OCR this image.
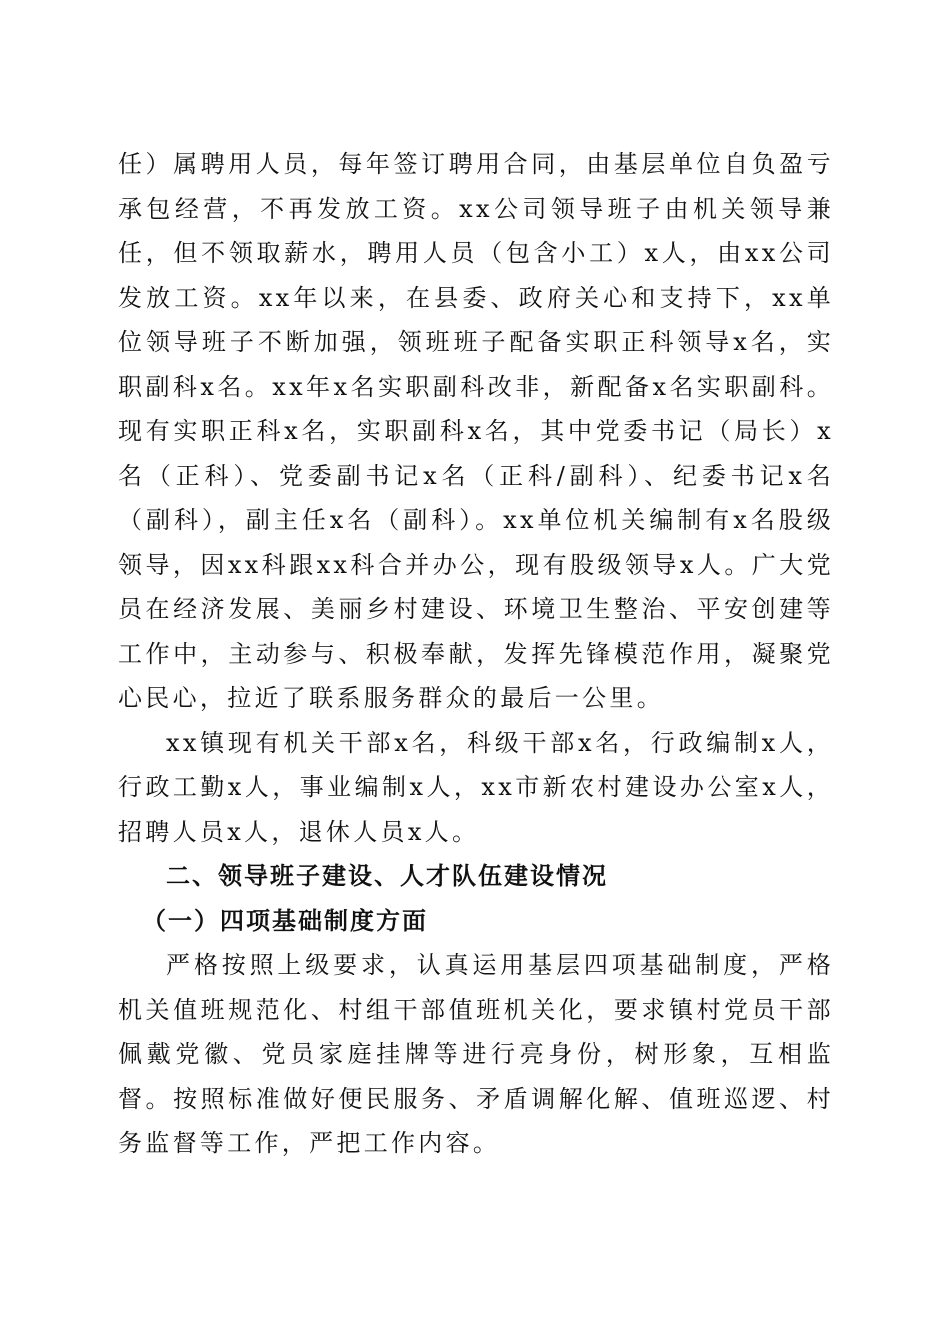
任）属聘用人员，每年签订聘用合同，由基层单位自负盈亏承包经营，不再发放工资。xx公司领导班子由机关领导兼任，但不领取薪水，聘用人员（包含小工）x人，由xx公司发放工资。xx年以来，在县委、政府关心和支持下，xx单位领导班子不断加强，领班班子配备实职正科领导x名，实职副科x名。xx年x名实职副科改非，新配备x名实职副科。现有实职正科x名，实职副科x名，其中党委书记（局长）x名（正科）、党委副书记x名（正科/副科）、纪委书记x名（副科），副主任x名（副科）。xx单位机关编制有x名股级领导，因xx科跟xx科合并办公，现有股级领导x人。广大党员在经济发展、美丽乡村建设、环境卫生整治、平安创建等工作中，主动参与、积极奉献，发挥先锋模范作用，凝聚党心民心，拉近了联系服务群众的最后一公里。

xx镇现有机关干部x名，科级干部x名，行政编制x人，行政工勤x人，事业编制x人，xx市新农村建设办公室x人，招聘人员x人，退休人员x人。

二、领导班子建设、人才队伍建设情况

（一）四项基础制度方面

严格按照上级要求，认真运用基层四项基础制度，严格机关值班规范化、村组干部值班机关化，要求镇村党员干部佩戴党徽、党员家庭挂牌等进行亮身份，树形象，互相监督。按照标准做好便民服务、矛盾调解化解、值班巡逻、村务监督等工作，严把工作内容。
